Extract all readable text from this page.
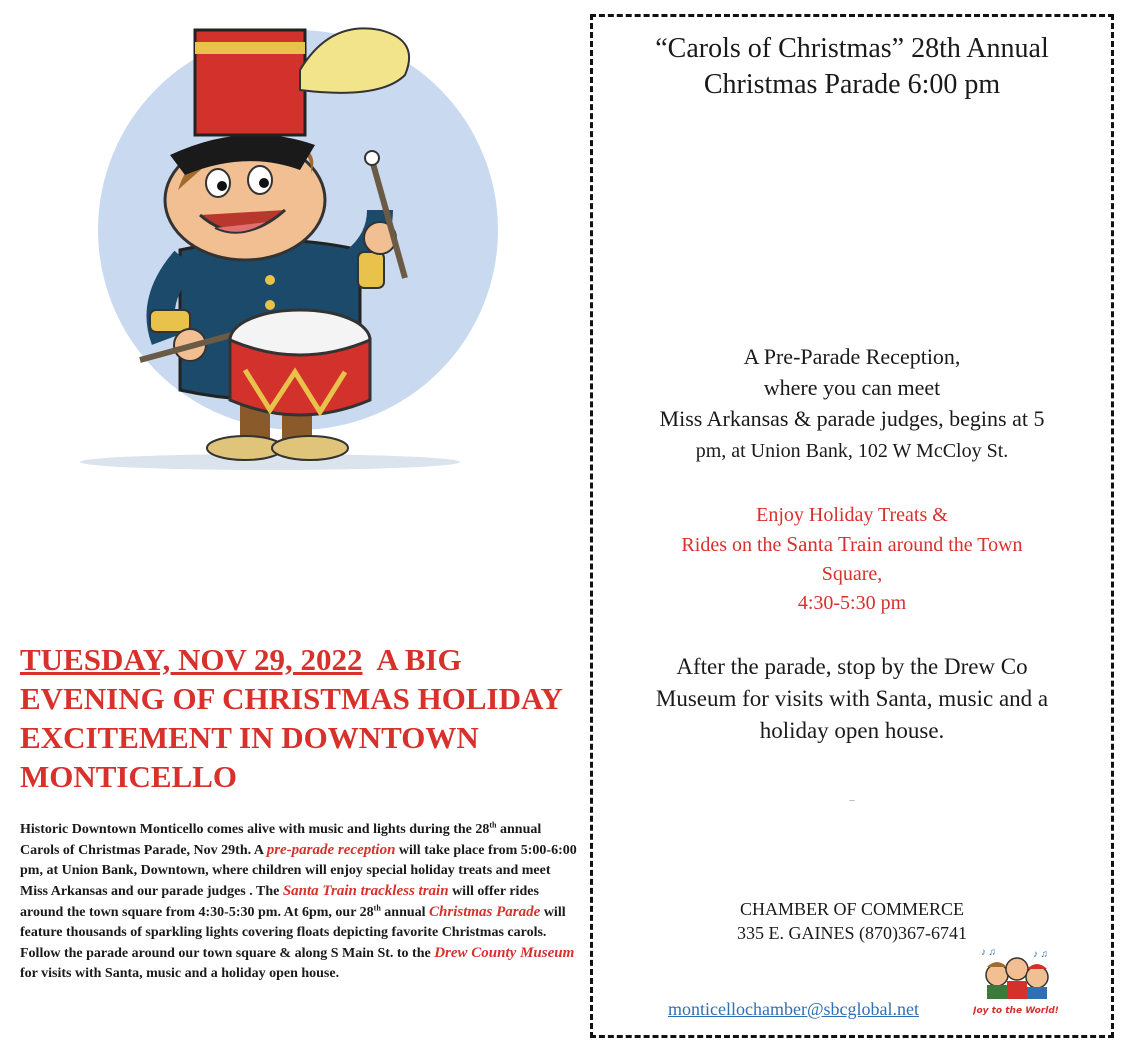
TUESDAY, NOV 29, 2022 A BIG EVENING OF CHRISTMAS HOLIDAY EXCITEMENT IN DOWNTOWN MONTICELLO

Historic Downtown Monticello comes alive with music and lights during the 28th annual Carols of Christmas Parade, Nov 29th. A pre-parade reception will take place from 5:00-6:00 pm, at Union Bank, Downtown, where children will enjoy special holiday treats and meet Miss Arkansas and our parade judges . The Santa Train trackless train will offer rides around the town square from 4:30-5:30 pm. At 6pm, our 28th annual Christmas Parade will feature thousands of sparkling lights covering floats depicting favorite Christmas carols. Follow the parade around our town square & along S Main St. to the Drew County Museum for visits with Santa, music and a holiday open house.

“Carols of Christmas” 28th Annual
Christmas Parade 6:00 pm

A Pre-Parade Reception,
where you can meet
Miss Arkansas & parade judges, begins at 5
pm, at Union Bank, 102 W McCloy St.

Enjoy Holiday Treats &
Rides on the Santa Train around the Town
Square,
4:30-5:30 pm

After the parade, stop by the Drew Co
Museum for visits with Santa, music and a
holiday open house.

–

CHAMBER OF COMMERCE
335 E. GAINES (870)367-6741

monticellochamber@sbcglobal.net
♪ ♫	♪ ♫
Joy to the World!
